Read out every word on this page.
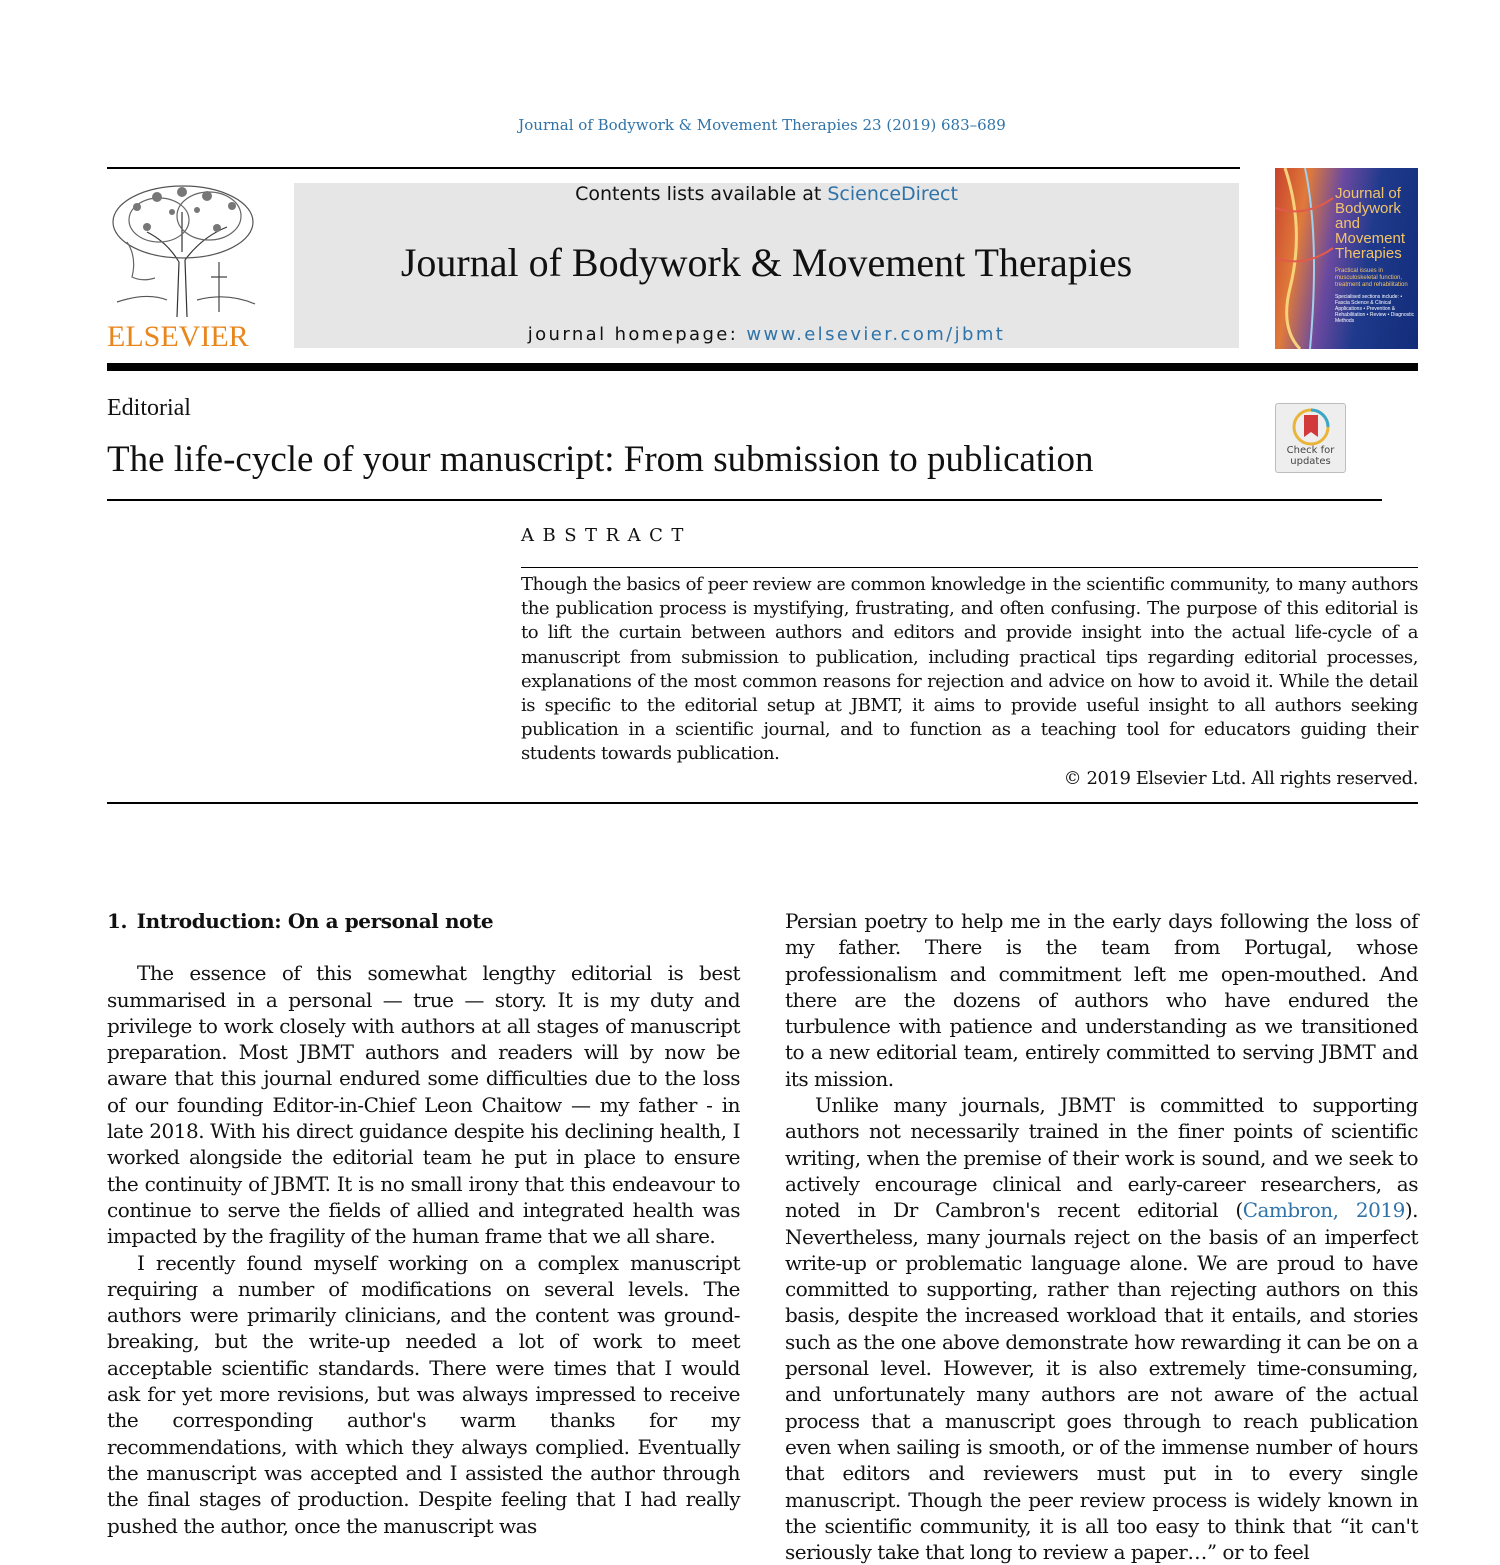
Journal of Bodywork & Movement Therapies 23 (2019) 683–689
ELSEVIER
Contents lists available at ScienceDirect
Journal of Bodywork & Movement Therapies
journal homepage: www.elsevier.com/jbmt
Journal of Bodywork and Movement Therapies
Practical issues in musculoskeletal function, treatment and rehabilitation
Specialised sections include: • Fascia Science & Clinical Applications • Prevention & Rehabilitation • Review • Diagnostic Methods
Editorial
The life-cycle of your manuscript: From submission to publication	Check for updates
ABSTRACT
Though the basics of peer review are common knowledge in the scientific community, to many authors the publication process is mystifying, frustrating, and often confusing. The purpose of this editorial is to lift the curtain between authors and editors and provide insight into the actual life-cycle of a manuscript from submission to publication, including practical tips regarding editorial processes, explanations of the most common reasons for rejection and advice on how to avoid it. While the detail is specific to the editorial setup at JBMT, it aims to provide useful insight to all authors seeking publication in a scientific journal, and to function as a teaching tool for educators guiding their students towards publication.
© 2019 Elsevier Ltd. All rights reserved.
1. Introduction: On a personal note

The essence of this somewhat lengthy editorial is best summarised in a personal — true — story. It is my duty and privilege to work closely with authors at all stages of manuscript preparation. Most JBMT authors and readers will by now be aware that this journal endured some difficulties due to the loss of our founding Editor-in-Chief Leon Chaitow — my father - in late 2018. With his direct guidance despite his declining health, I worked alongside the editorial team he put in place to ensure the continuity of JBMT. It is no small irony that this endeavour to continue to serve the fields of allied and integrated health was impacted by the fragility of the human frame that we all share.

I recently found myself working on a complex manuscript requiring a number of modifications on several levels. The authors were primarily clinicians, and the content was ground-breaking, but the write-up needed a lot of work to meet acceptable scientific standards. There were times that I would ask for yet more revisions, but was always impressed to receive the corresponding author's warm thanks for my recommendations, with which they always complied. Eventually the manuscript was accepted and I assisted the author through the final stages of production. Despite feeling that I had really pushed the author, once the manuscript was

Persian poetry to help me in the early days following the loss of my father. There is the team from Portugal, whose professionalism and commitment left me open-mouthed. And there are the dozens of authors who have endured the turbulence with patience and understanding as we transitioned to a new editorial team, entirely committed to serving JBMT and its mission.

Unlike many journals, JBMT is committed to supporting authors not necessarily trained in the finer points of scientific writing, when the premise of their work is sound, and we seek to actively encourage clinical and early-career researchers, as noted in Dr Cambron's recent editorial (Cambron, 2019). Nevertheless, many journals reject on the basis of an imperfect write-up or problematic language alone. We are proud to have committed to supporting, rather than rejecting authors on this basis, despite the increased workload that it entails, and stories such as the one above demonstrate how rewarding it can be on a personal level. However, it is also extremely time-consuming, and unfortunately many authors are not aware of the actual process that a manuscript goes through to reach publication even when sailing is smooth, or of the immense number of hours that editors and reviewers must put in to every single manuscript. Though the peer review process is widely known in the scientific community, it is all too easy to think that “it can't seriously take that long to review a paper…” or to feel
